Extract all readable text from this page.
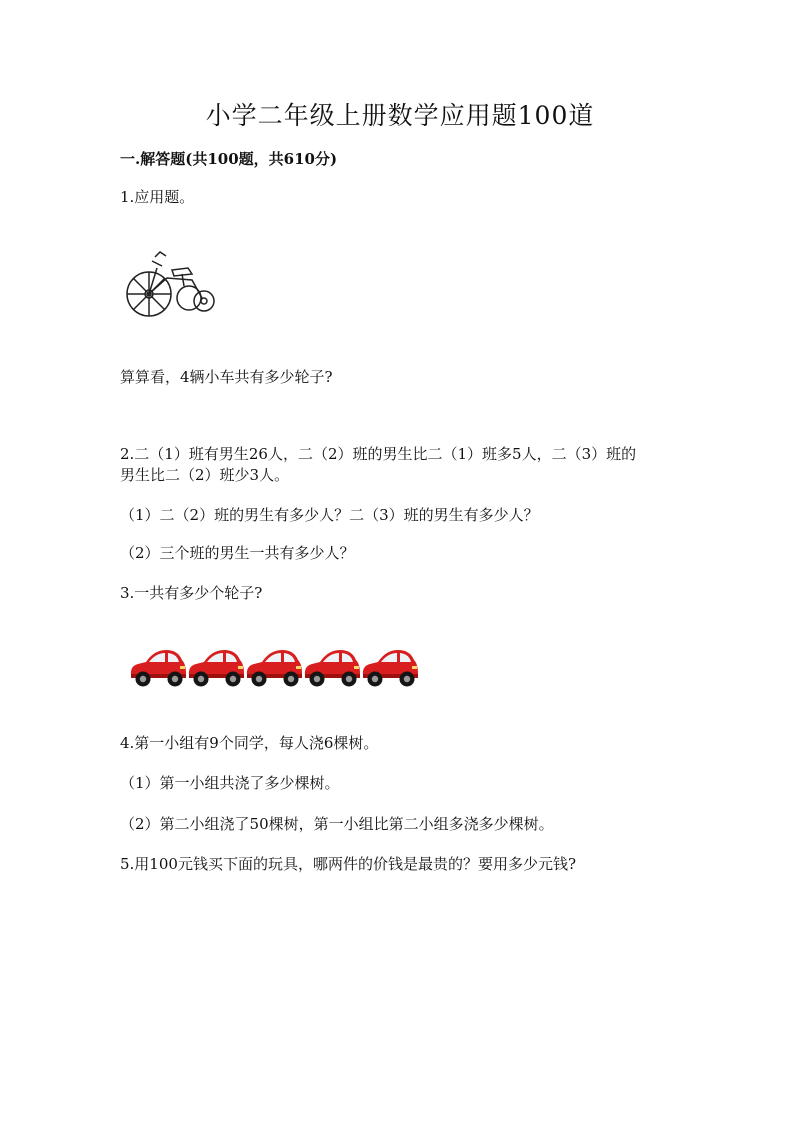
小学二年级上册数学应用题100道
一.解答题(共100题，共610分)
1.应用题。
算算看，4辆小车共有多少轮子?
2.二（1）班有男生26人，二（2）班的男生比二（1）班多5人，二（3）班的
男生比二（2）班少3人。
（1）二（2）班的男生有多少人？二（3）班的男生有多少人？
（2）三个班的男生一共有多少人？
3.一共有多少个轮子?
4.第一小组有9个同学，每人浇6棵树。
（1）第一小组共浇了多少棵树。
（2）第二小组浇了50棵树，第一小组比第二小组多浇多少棵树。
5.用100元钱买下面的玩具，哪两件的价钱是最贵的？要用多少元钱?
